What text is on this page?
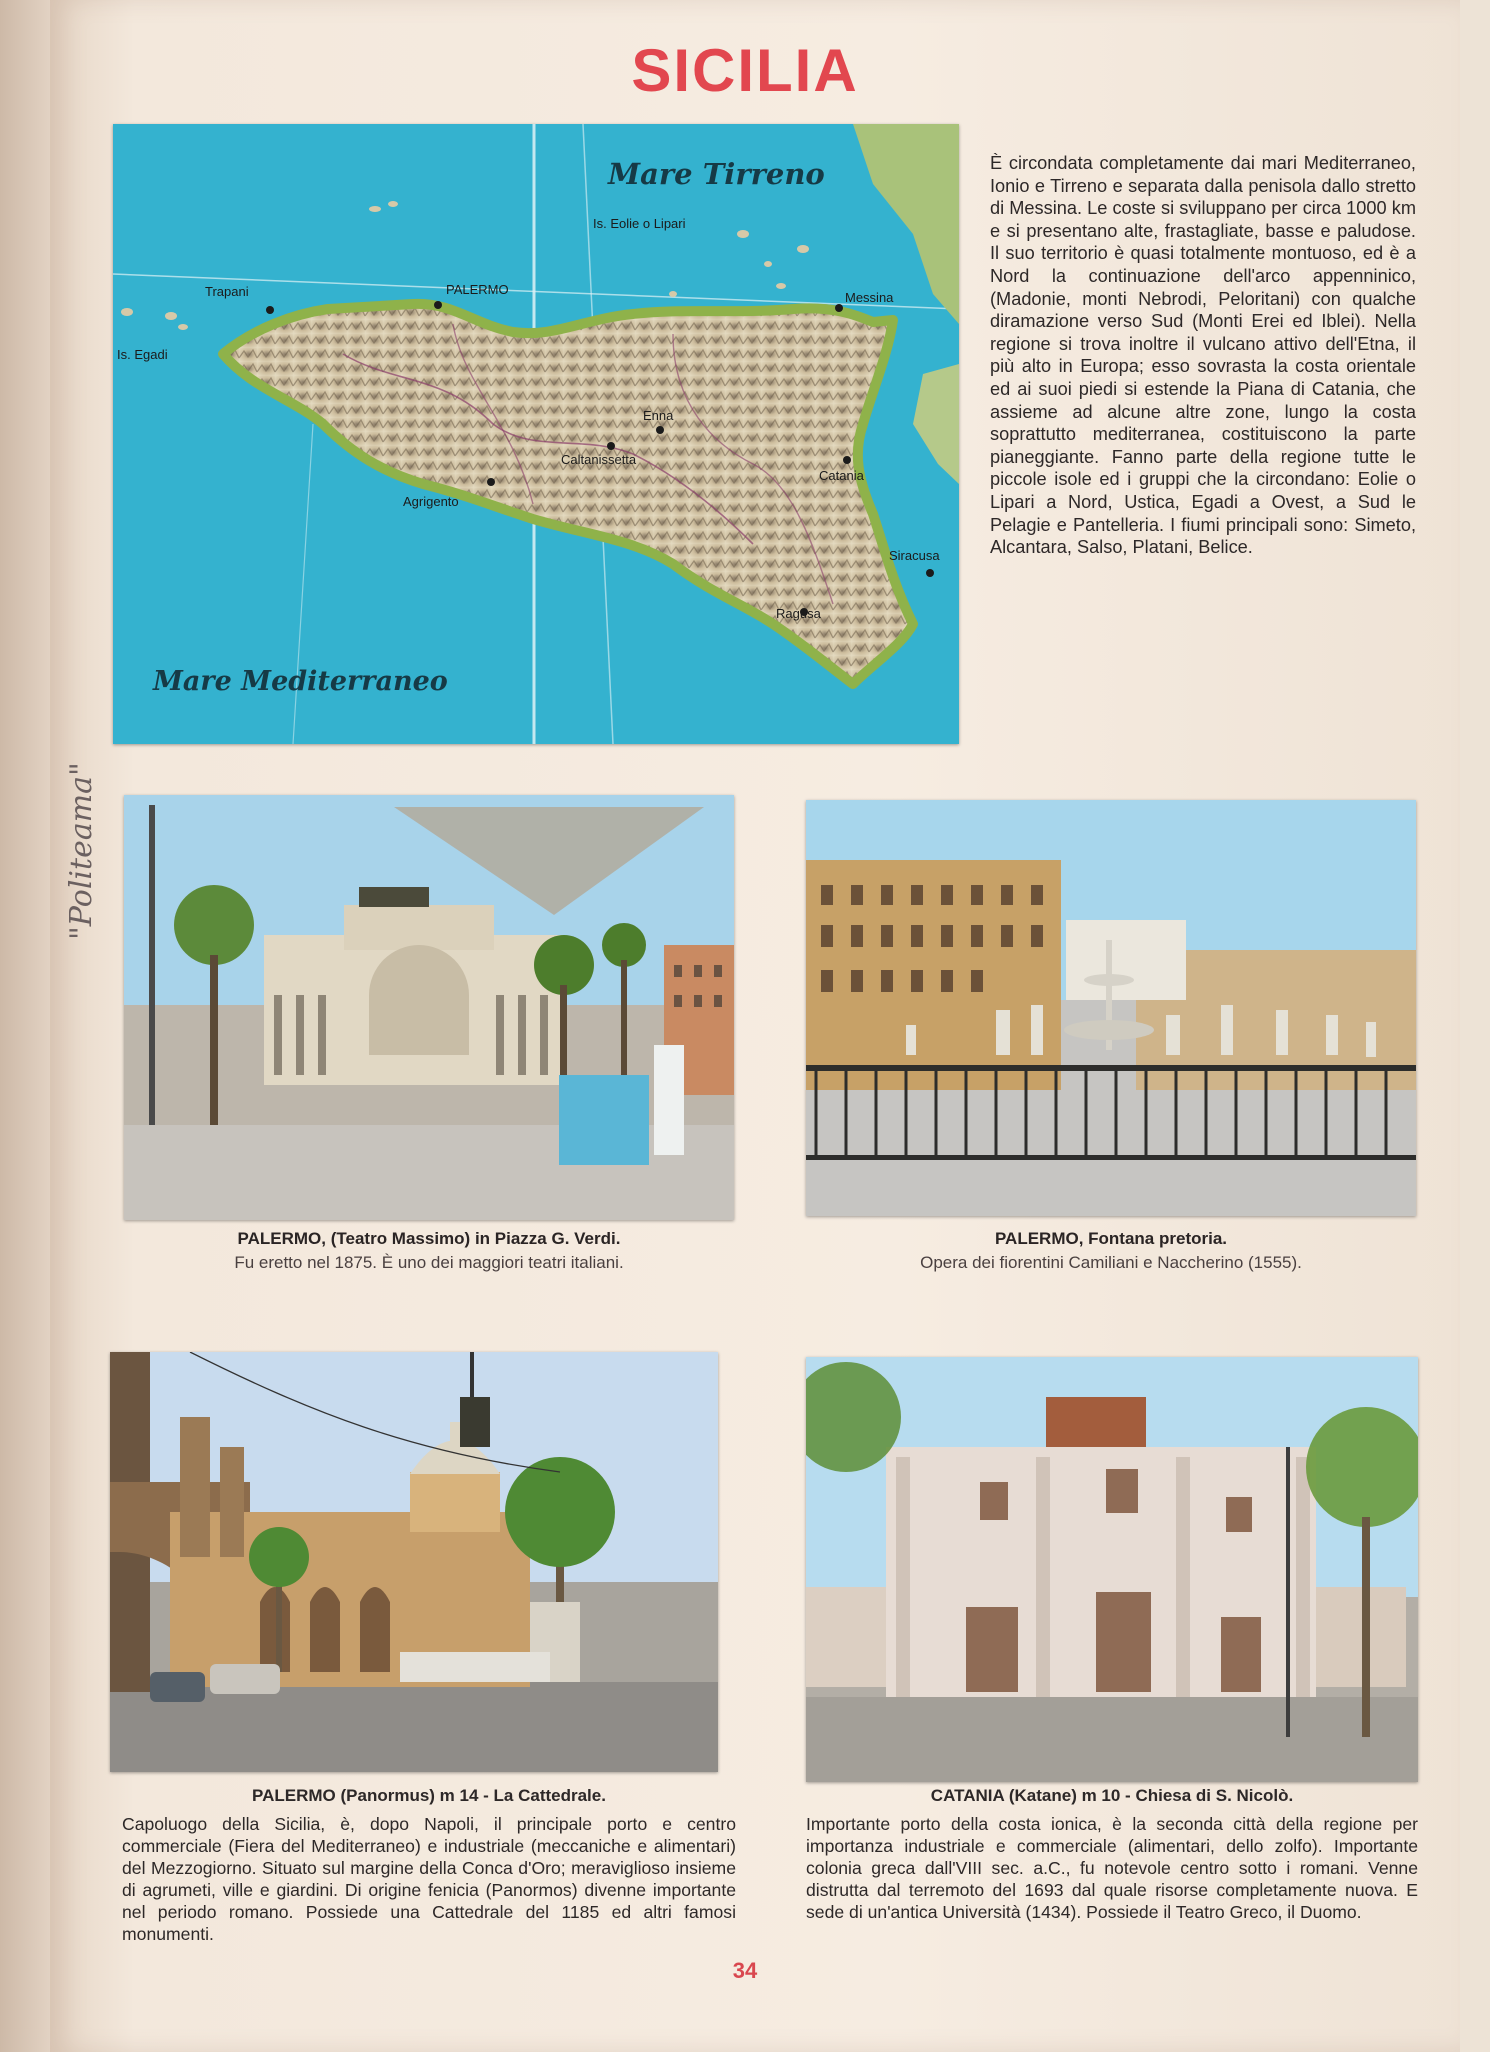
SICILIA
Mare Tirreno
Mare Mediterraneo
Is. Eolie o Lipari
Is. Egadi
Trapani	PALERMO
Messina
Enna
Caltanissetta
Catania
Agrigento
Siracusa
Ragusa
È circondata completamente dai mari Mediterraneo, Ionio e Tirreno e separata dalla penisola dallo stretto di Messina. Le coste si sviluppano per circa 1000 km e si presentano alte, frastagliate, basse e paludose. Il suo territorio è quasi totalmente montuoso, ed è a Nord la continuazione dell'arco appenninico, (Madonie, monti Nebrodi, Peloritani) con qualche diramazione verso Sud (Monti Erei ed Iblei). Nella regione si trova inoltre il vulcano attivo dell'Etna, il più alto in Europa; esso sovrasta la costa orientale ed ai suoi piedi si estende la Piana di Catania, che assieme ad alcune altre zone, lungo la costa soprattutto mediterranea, costituiscono la parte pianeggiante. Fanno parte della regione tutte le piccole isole ed i gruppi che la circondano: Eolie o Lipari a Nord, Ustica, Egadi a Ovest, a Sud le Pelagie e Pantelleria. I fiumi principali sono: Simeto, Alcantara, Salso, Platani, Belice.
"Politeama"
PALERMO, (Teatro Massimo) in Piazza G. Verdi.
Fu eretto nel 1875. È uno dei maggiori teatri italiani.
PALERMO, Fontana pretoria.
Opera dei fiorentini Camiliani e Naccherino (1555).
PALERMO (Panormus) m 14 - La Cattedrale.
Capoluogo della Sicilia, è, dopo Napoli, il principale porto e centro commerciale (Fiera del Mediterraneo) e industriale (meccaniche e alimentari) del Mezzogiorno. Situato sul margine della Conca d'Oro; meraviglioso insieme di agrumeti, ville e giardini. Di origine fenicia (Panormos) divenne importante nel periodo romano. Possiede una Cattedrale del 1185 ed altri famosi monumenti.
CATANIA (Katane) m 10 - Chiesa di S. Nicolò.
Importante porto della costa ionica, è la seconda città della regione per importanza industriale e commerciale (alimentari, dello zolfo). Importante colonia greca dall'VIII sec. a.C., fu notevole centro sotto i romani. Venne distrutta dal terremoto del 1693 dal quale risorse completamente nuova. E sede di un'antica Università (1434). Possiede il Teatro Greco, il Duomo.
34
